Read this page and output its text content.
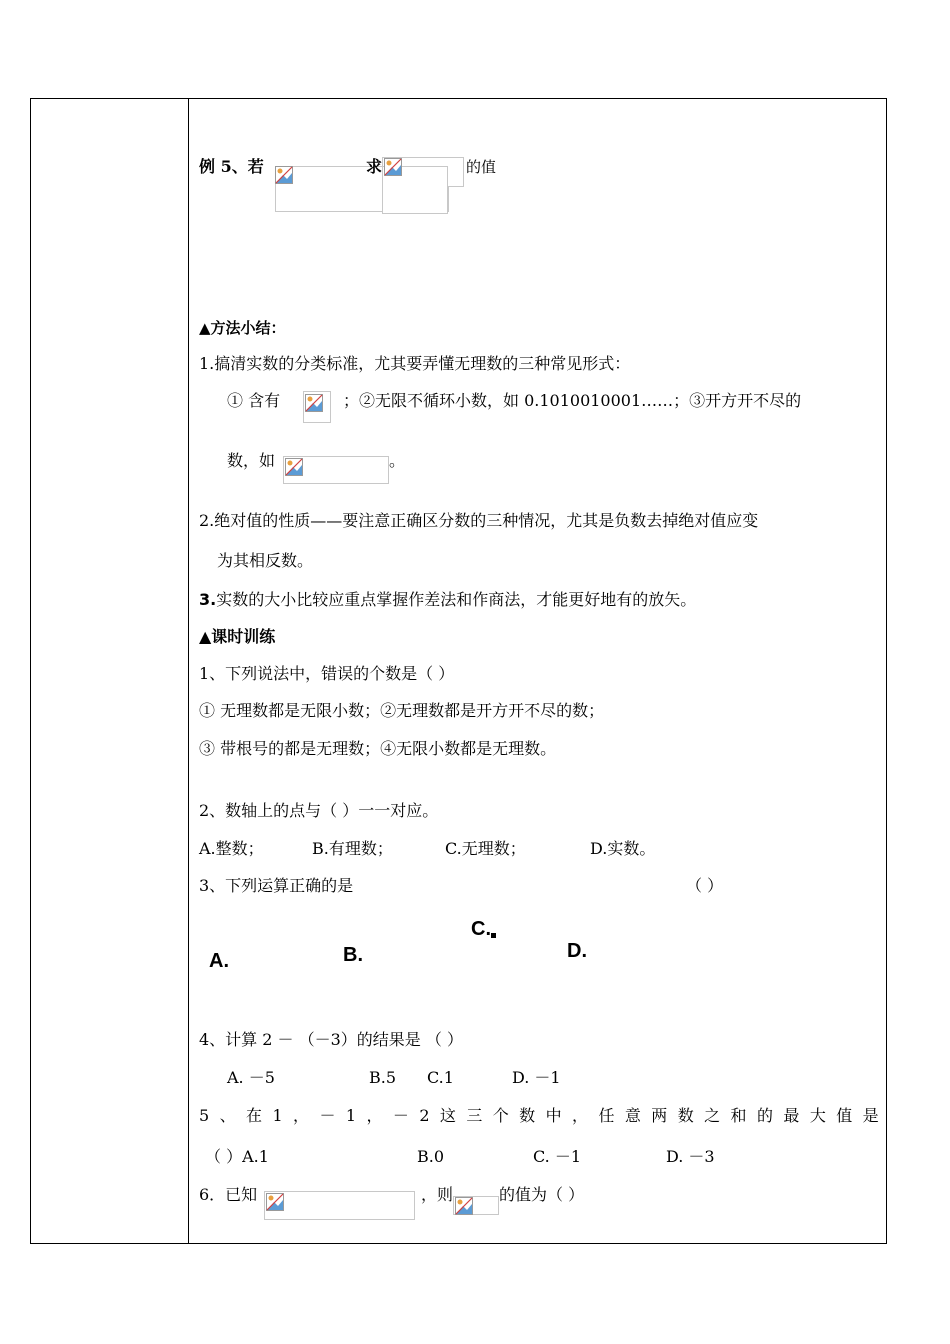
例 5、若	求	的值
▲方法小结：
1.搞清实数的分类标准，尤其要弄懂无理数的三种常见形式：
① 含有	；②无限不循环小数，如 0.1010010001……；③开方开不尽的
数，如	。
2.绝对值的性质——要注意正确区分数的三种情况，尤其是负数去掉绝对值应变
为其相反数。
3.实数的大小比较应重点掌握作差法和作商法，才能更好地有的放矢。
▲课时训练
1、下列说法中，错误的个数是（ ）
① 无理数都是无限小数；②无理数都是开方开不尽的数；
③ 带根号的都是无理数；④无限小数都是无理数。
2、数轴上的点与（ ）一一对应。
A.整数；	B.有理数；	C.无理数；	D.实数。
3、下列运算正确的是	（ ）
A.	B.
C.
D.
4、计算 2 － （－3）的结果是 （ ）
A. －5	B.5 C.1	D. －1
5 、 在 1 ， － 1 ， － 2 这 三 个 数 中 ， 任 意 两 数 之 和 的 最 大 值 是
（ ）A.1	B.0	C. －1	D. －3
6．已知	，则	的值为（ ）
